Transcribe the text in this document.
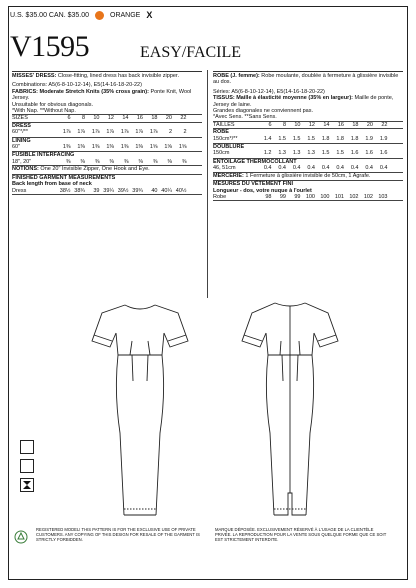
U.S. $35.00 CAN. $35.00	ORANGE X
V1595	EASY/FACILE
MISSES' DRESS: Close-fitting, lined dress has back invisible zipper.
Combinations: A5(6-8-10-12-14), E5(14-16-18-20-22)
FABRICS: Moderate Stretch Knits (35% cross grain): Ponte Knit, Wool Jersey.
Unsuitable for obvious diagonals.
*With Nap. **Without Nap.
SIZES	6	8	10	12	14	16	18	20	22
DRESS
60"*/**	1⅞	1⅞	1⅞	1⅞	1⅞	1⅞	1⅞	2	2
LINING
60"	1⅜	1⅜	1⅜	1⅜	1⅜	1⅜	1⅝	1⅝	1⅝
FUSIBLE INTERFACING
18", 20"	⅜	⅜	⅜	⅜	⅜	⅜	⅜	⅜	⅜
NOTIONS: One 20" Invisible Zipper, One Hook and Eye.
FINISHED GARMENT MEASUREMENTS
Back length from base of neck
Dress	38½ 38¾	39 39¼ 39½ 39¾	40 40¼ 40½
ROBE (J. femme): Robe moulante, doublée à fermeture à glissière invisible au dos.
Séries: A5(6-8-10-12-14), E5(14-16-18-20-22)
TISSUS: Maille à élasticité moyenne (35% en largeur): Maille de ponte, Jersey de laine.
Grandes diagonales ne conviennent pas.
*Avec Sens. **Sans Sens.
TAILLES	6	8	10	12	14	16	18	20	22
ROBE
150cm*/**	1.4	1.5	1.5	1.5	1.8	1.8	1.8	1.9	1.9
DOUBLURE
150cm	1.2	1.3	1.3	1.3	1.5	1.5	1.6	1.6	1.6
ENTOILAGE THERMOCOLLANT
46, 51cm	0.4	0.4	0.4	0.4	0.4	0.4	0.4	0.4	0.4
MERCERIE: 1 Fermeture à glissière invisible de 50cm, 1 Agrafe.
MESURES DU VÊTEMENT FINI
Longueur - dos, votre nuque à l'ourlet
Robe	98	99	99 100 100 101 102 102 103
REGISTERED MODEL! THIS PATTERN IS FOR THE EXCLUSIVE USE OF PRIVATE CUSTOMERS. ANY COPYING OF THIS DESIGN FOR RESALE OF THE GARMENT IS STRICTLY FORBIDDEN.
MARQUE DÉPOSÉE. EXCLUSIVEMENT RÉSERVÉ À L'USAGE DE LA CLIENTÈLE PRIVÉE. LA REPRODUCTION POUR LA VENTE SOUS QUELQUE FORME QUE CE SOIT EST STRICTEMENT INTERDITE.
